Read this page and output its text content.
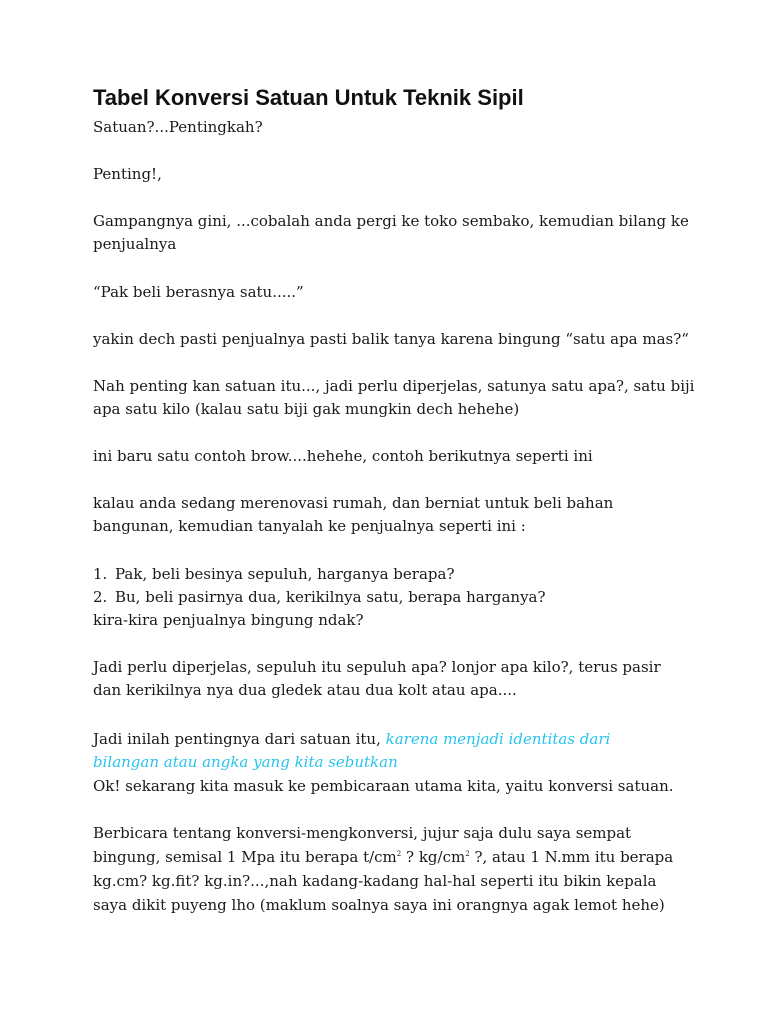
Tabel Konversi Satuan Untuk Teknik Sipil

Satuan?...Pentingkah?

Penting!,

Gampangnya gini, ...cobalah anda pergi ke toko sembako, kemudian bilang ke

penjualnya

“Pak beli berasnya satu.....”

yakin dech pasti penjualnya pasti balik tanya karena bingung “satu apa mas?“

Nah penting kan satuan itu..., jadi perlu diperjelas, satunya satu apa?, satu biji

apa satu kilo (kalau satu biji gak mungkin dech hehehe)

ini baru satu contoh brow....hehehe, contoh berikutnya seperti ini

kalau anda sedang merenovasi rumah, dan berniat untuk beli bahan

bangunan, kemudian tanyalah ke penjualnya seperti ini :

1. Pak, beli besinya sepuluh, harganya berapa?

2. Bu, beli pasirnya dua, kerikilnya satu, berapa harganya?

kira-kira penjualnya bingung ndak?

Jadi perlu diperjelas, sepuluh itu sepuluh apa? lonjor apa kilo?, terus pasir

dan kerikilnya nya dua gledek atau dua kolt atau apa....

Jadi inilah pentingnya dari satuan itu, karena menjadi identitas dari

bilangan atau angka yang kita sebutkan

Ok! sekarang kita masuk ke pembicaraan utama kita, yaitu konversi satuan.

Berbicara tentang konversi-mengkonversi, jujur saja dulu saya sempat

bingung, semisal 1 Mpa itu berapa $t/cm^2$ ? $kg/cm^2$ ?, atau 1 N.mm itu berapa

kg.cm? kg.fit? kg.in?...,nah kadang-kadang hal-hal seperti itu bikin kepala

saya dikit puyeng lho (maklum soalnya saya ini orangnya agak lemot hehe)
